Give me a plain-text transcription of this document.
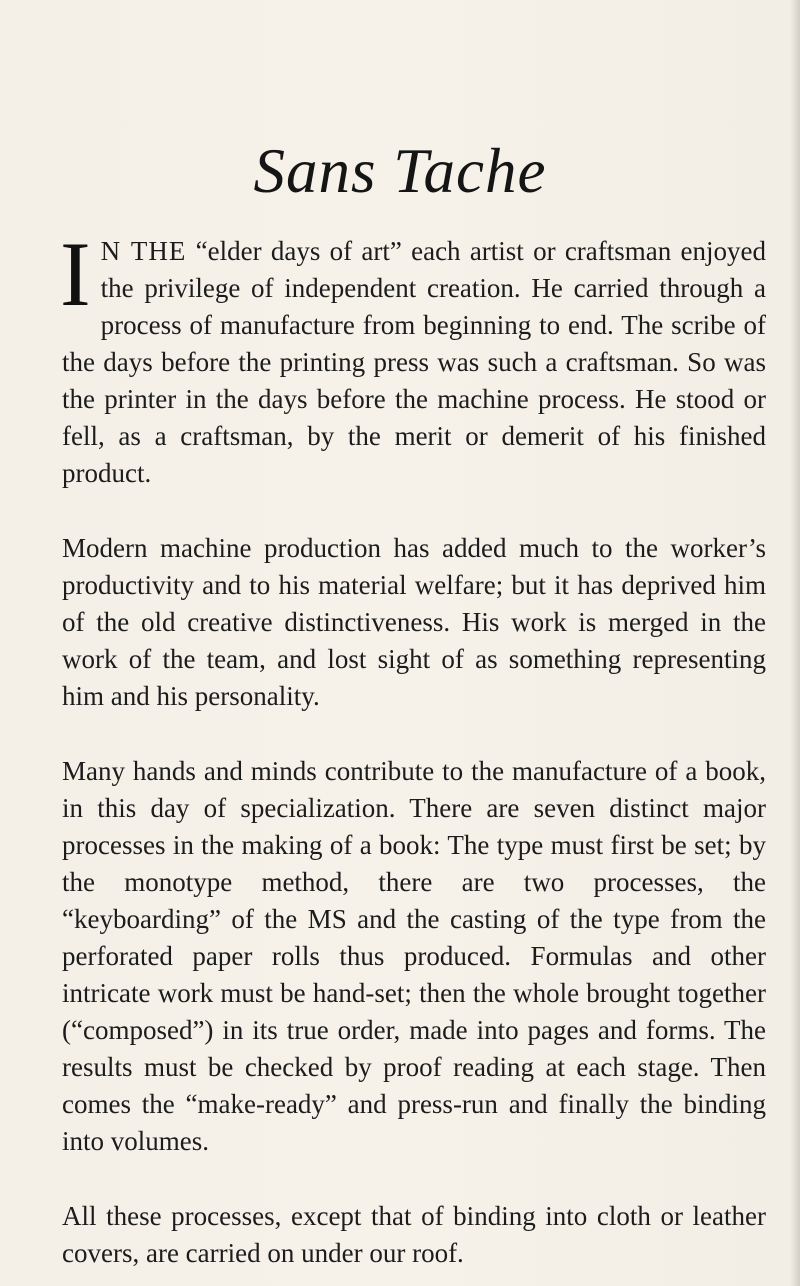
Sans Tache

I N THE “elder days of art” each artist or craftsman enjoyed the privilege of independent creation. He carried through a process of manufacture from beginning to end. The scribe of the days before the printing press was such a craftsman. So was the printer in the days before the machine process. He stood or fell, as a craftsman, by the merit or demerit of his finished product.

Modern machine production has added much to the worker’s productivity and to his material welfare; but it has deprived him of the old creative distinctiveness. His work is merged in the work of the team, and lost sight of as something representing him and his personality.

Many hands and minds contribute to the manufacture of a book, in this day of specialization. There are seven distinct major processes in the making of a book: The type must first be set; by the monotype method, there are two processes, the “keyboarding” of the MS and the casting of the type from the perforated paper rolls thus produced. Formulas and other intricate work must be hand-set; then the whole brought together (“composed”) in its true order, made into pages and forms. The results must be checked by proof reading at each stage. Then comes the “make-ready” and press-run and finally the binding into volumes.

All these processes, except that of binding into cloth or leather covers, are carried on under our roof.
